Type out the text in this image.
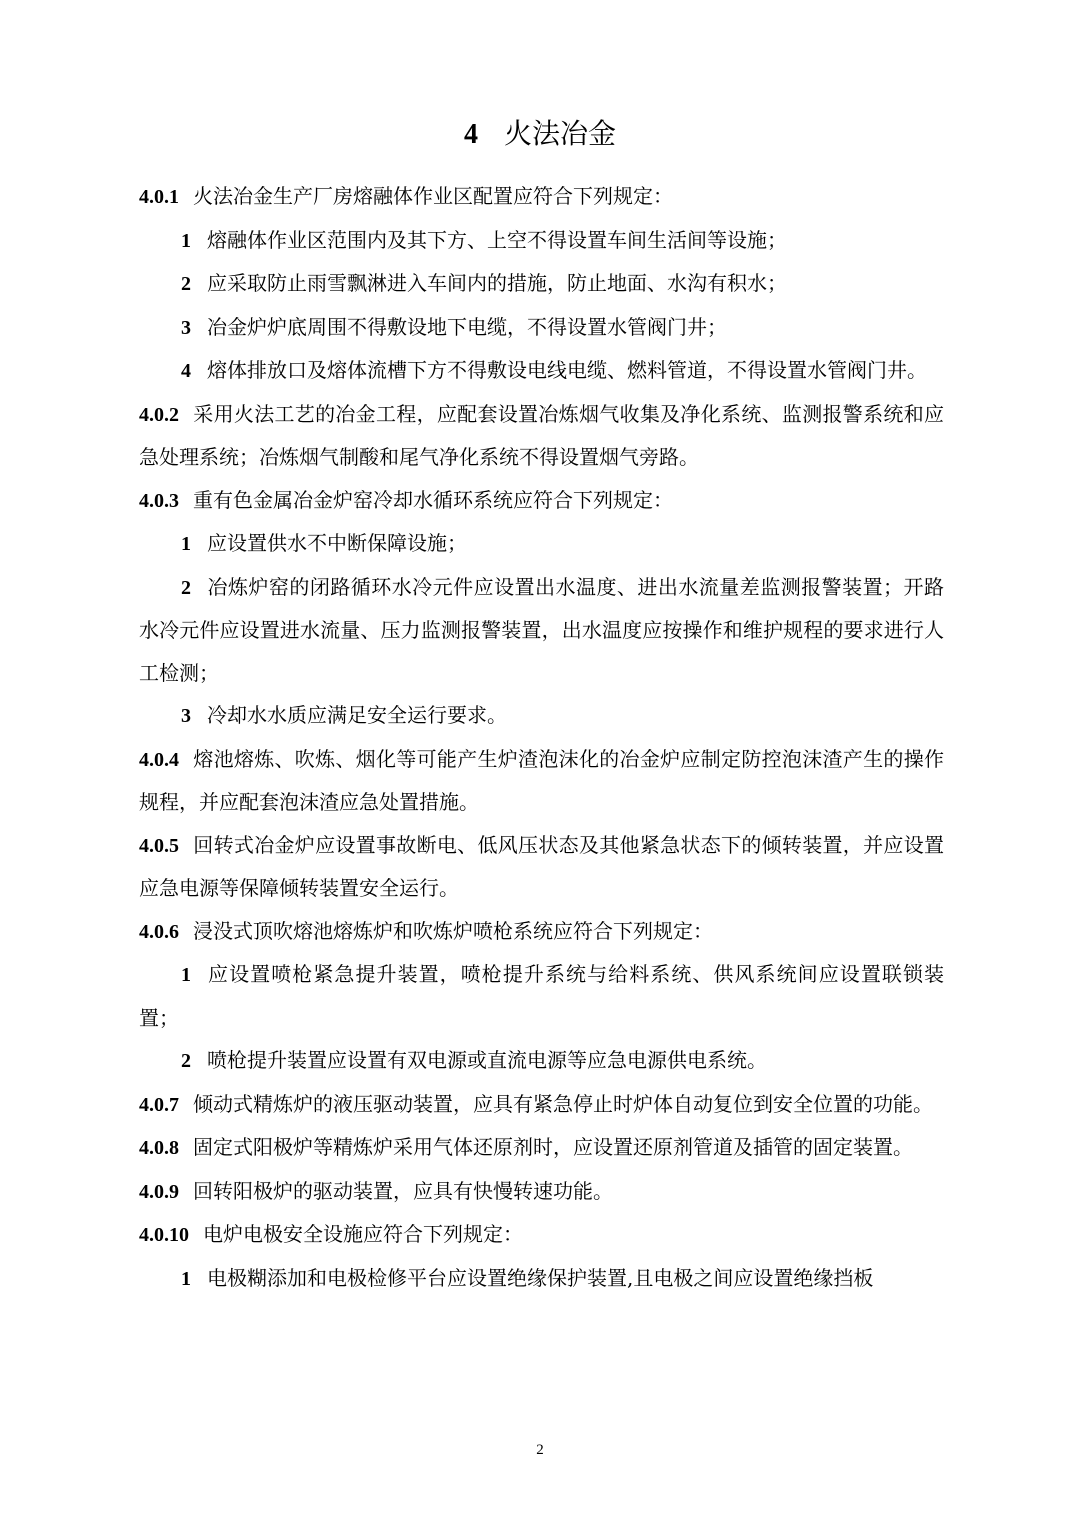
4 火法冶金

4.0.1 火法冶金生产厂房熔融体作业区配置应符合下列规定：

1 熔融体作业区范围内及其下方、上空不得设置车间生活间等设施；

2 应采取防止雨雪飘淋进入车间内的措施，防止地面、水沟有积水；

3 冶金炉炉底周围不得敷设地下电缆，不得设置水管阀门井；

4 熔体排放口及熔体流槽下方不得敷设电线电缆、燃料管道，不得设置水管阀门井。

4.0.2 采用火法工艺的冶金工程，应配套设置冶炼烟气收集及净化系统、监测报警系统和应急处理系统；冶炼烟气制酸和尾气净化系统不得设置烟气旁路。

4.0.3 重有色金属冶金炉窑冷却水循环系统应符合下列规定：

1 应设置供水不中断保障设施；

2 冶炼炉窑的闭路循环水冷元件应设置出水温度、进出水流量差监测报警装置；开路水冷元件应设置进水流量、压力监测报警装置，出水温度应按操作和维护规程的要求进行人工检测；

3 冷却水水质应满足安全运行要求。

4.0.4 熔池熔炼、吹炼、烟化等可能产生炉渣泡沫化的冶金炉应制定防控泡沫渣产生的操作规程，并应配套泡沫渣应急处置措施。

4.0.5 回转式冶金炉应设置事故断电、低风压状态及其他紧急状态下的倾转装置，并应设置应急电源等保障倾转装置安全运行。

4.0.6 浸没式顶吹熔池熔炼炉和吹炼炉喷枪系统应符合下列规定：

1 应设置喷枪紧急提升装置，喷枪提升系统与给料系统、供风系统间应设置联锁装置；

2 喷枪提升装置应设置有双电源或直流电源等应急电源供电系统。

4.0.7 倾动式精炼炉的液压驱动装置，应具有紧急停止时炉体自动复位到安全位置的功能。

4.0.8 固定式阳极炉等精炼炉采用气体还原剂时，应设置还原剂管道及插管的固定装置。

4.0.9 回转阳极炉的驱动装置，应具有快慢转速功能。

4.0.10 电炉电极安全设施应符合下列规定：

1 电极糊添加和电极检修平台应设置绝缘保护装置,且电极之间应设置绝缘挡板

2
